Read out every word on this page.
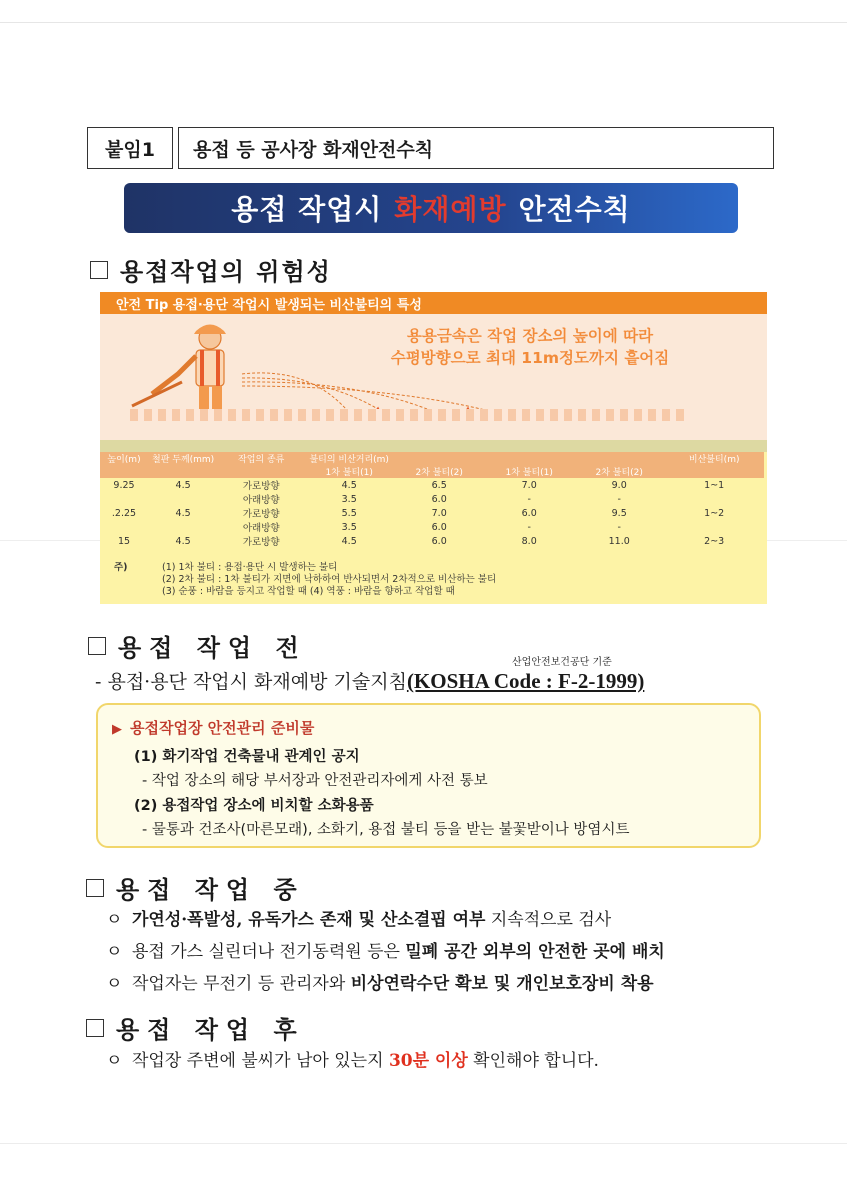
붙임1	용접 등 공사장 화재안전수칙
용접 작업시 화재예방 안전수칙
용접작업의 위험성
안전 Tip 용접·용단 작업시 발생되는 비산불티의 특성
용용금속은 작업 장소의 높이에 따라
수평방향으로 최대 11m정도까지 흩어짐
높이(m)	철판 두께(mm)	작업의 종류	불티의 비산거리(m)				비산불티(m)
			1차 불티(1)	2차 불티(2)	1차 불티(1)	2차 불티(2)	
9.25	4.5	가로방향	4.5	6.5	7.0	9.0	1~1
		아래방향	3.5	6.0	-	-	
.2.25	4.5	가로방향	5.5	7.0	6.0	9.5	1~2
		아래방향	3.5	6.0	-	-	
15	4.5	가로방향	4.5	6.0	8.0	11.0	2~3
주)	(1) 1차 불티 : 용접·용단 시 발생하는 불티
(2) 2차 불티 : 1차 불티가 지면에 낙하하여 반사되면서 2차적으로 비산하는 불티
(3) 순풍 : 바람을 등지고 작업할 때 (4) 역풍 : 바람을 향하고 작업할 때
용접 작업 전
산업안전보건공단 기준
- 용접·용단 작업시 화재예방 기술지침(KOSHA Code : F-2-1999)
▶ 용접작업장 안전관리 준비물
(1) 화기작업 건축물내 관계인 공지
- 작업 장소의 해당 부서장과 안전관리자에게 사전 통보
(2) 용접작업 장소에 비치할 소화용품
- 물통과 건조사(마른모래), 소화기, 용접 불티 등을 받는 불꽃받이나 방염시트
용접 작업 중
ㅇ 가연성·폭발성, 유독가스 존재 및 산소결핍 여부 지속적으로 검사
ㅇ 용접 가스 실린더나 전기동력원 등은 밀폐 공간 외부의 안전한 곳에 배치
ㅇ 작업자는 무전기 등 관리자와 비상연락수단 확보 및 개인보호장비 착용
용접 작업 후
ㅇ 작업장 주변에 불씨가 남아 있는지 30분 이상 확인해야 합니다.
